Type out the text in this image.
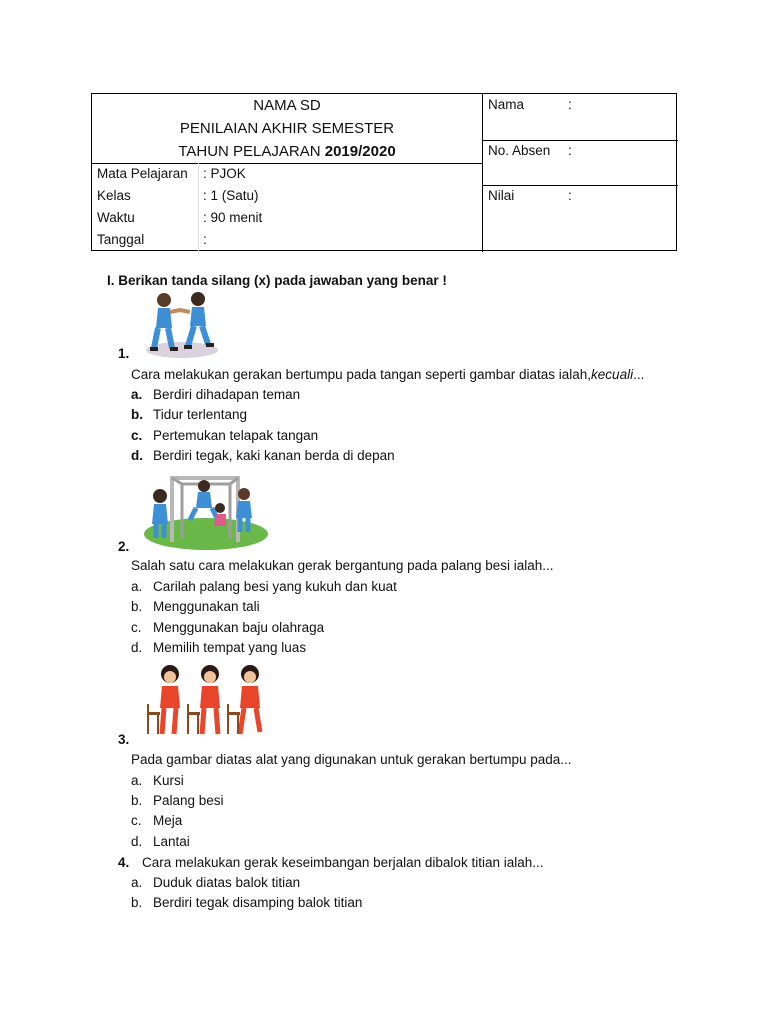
NAMA SD
PENILAIAN AKHIR SEMESTER
TAHUN PELAJARAN 2019/2020
Mata Pelajaran : PJOK
Kelas	: 1 (Satu)
Waktu	: 90 menit
Tanggal	:
Nama	:
No. Absen :
Nilai	:
I. Berikan tanda silang (x) pada jawaban yang benar !
1.
Cara melakukan gerakan bertumpu pada tangan seperti gambar diatas ialah,kecuali...
a. Berdiri dihadapan teman
b. Tidur terlentang
c. Pertemukan telapak tangan
d. Berdiri tegak, kaki kanan berda di depan
2.
Salah satu cara melakukan gerak bergantung pada palang besi ialah...
a. Carilah palang besi yang kukuh dan kuat
b. Menggunakan tali
c. Menggunakan baju olahraga
d. Memilih tempat yang luas
3.
Pada gambar diatas alat yang digunakan untuk gerakan bertumpu pada...
a. Kursi
b. Palang besi
c. Meja
d. Lantai
4. Cara melakukan gerak keseimbangan berjalan dibalok titian ialah...
a. Duduk diatas balok titian
b. Berdiri tegak disamping balok titian
